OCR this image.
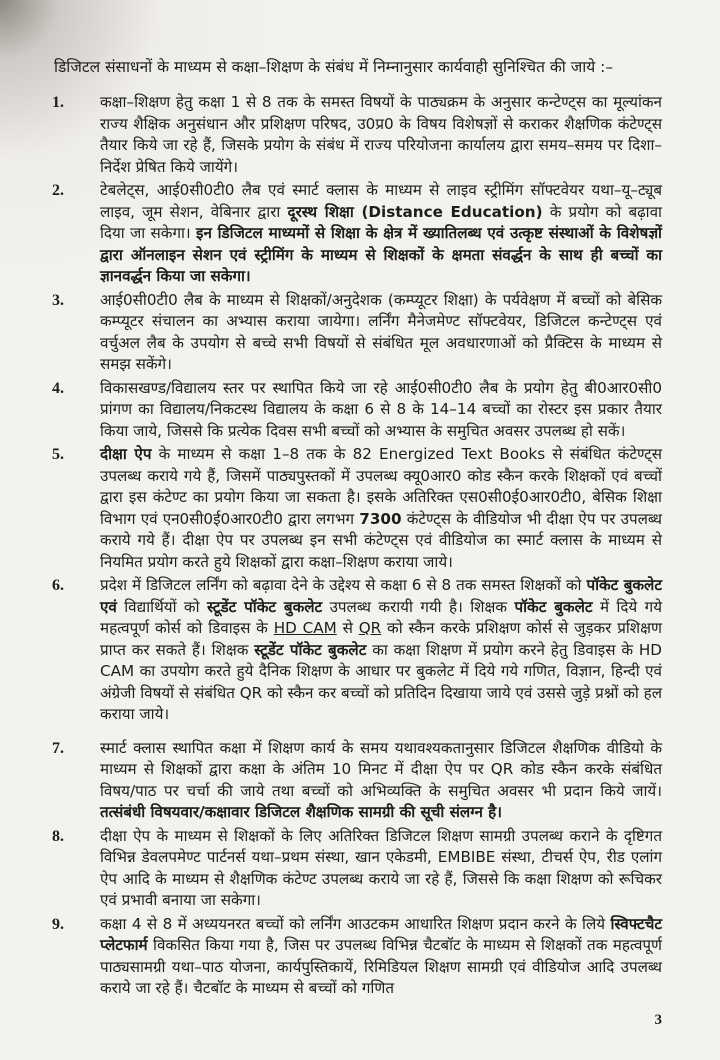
डिजिटल संसाधनों के माध्यम से कक्षा–शिक्षण के संबंध में निम्नानुसार कार्यवाही सुनिश्चित की जाये :–

1.	कक्षा–शिक्षण हेतु कक्षा 1 से 8 तक के समस्त विषयों के पाठ्यक्रम के अनुसार कन्टेण्ट्स का मूल्यांकन राज्य शैक्षिक अनुसंधान और प्रशिक्षण परिषद, उ0प्र0 के विषय विशेषज्ञों से कराकर शैक्षणिक कंटेण्ट्स तैयार किये जा रहे हैं, जिसके प्रयोग के संबंध में राज्य परियोजना कार्यालय द्वारा समय–समय पर दिशा–निर्देश प्रेषित किये जायेंगे।
2.	टेबलेट्स, आई0सी0टी0 लैब एवं स्मार्ट क्लास के माध्यम से लाइव स्ट्रीमिंग सॉफ्टवेयर यथा–यू–ट्यूब लाइव, जूम सेशन, वेबिनार द्वारा दूरस्थ शिक्षा (Distance Education) के प्रयोग को बढ़ावा दिया जा सकेगा। इन डिजिटल माध्यमों से शिक्षा के क्षेत्र में ख्यातिलब्ध एवं उत्कृष्ट संस्थाओं के विशेषज्ञों द्वारा ऑनलाइन सेशन एवं स्ट्रीमिंग के माध्यम से शिक्षकों के क्षमता संवर्द्धन के साथ ही बच्चों का ज्ञानवर्द्धन किया जा सकेगा।
3.	आई0सी0टी0 लैब के माध्यम से शिक्षकों/अनुदेशक (कम्प्यूटर शिक्षा) के पर्यवेक्षण में बच्चों को बेसिक कम्प्यूटर संचालन का अभ्यास कराया जायेगा। लर्निंग मैनेजमेण्ट सॉफ्टवेयर, डिजिटल कन्टेण्ट्स एवं वर्चुअल लैब के उपयोग से बच्चे सभी विषयों से संबंधित मूल अवधारणाओं को प्रैक्टिस के माध्यम से समझ सकेंगे।
4.	विकासखण्ड/विद्यालय स्तर पर स्थापित किये जा रहे आई0सी0टी0 लैब के प्रयोग हेतु बी0आर0सी0 प्रांगण का विद्यालय/निकटस्थ विद्यालय के कक्षा 6 से 8 के 14–14 बच्चों का रोस्टर इस प्रकार तैयार किया जाये, जिससे कि प्रत्येक दिवस सभी बच्चों को अभ्यास के समुचित अवसर उपलब्ध हो सकें।
5.	दीक्षा ऐप के माध्यम से कक्षा 1–8 तक के 82 Energized Text Books से संबंधित कंटेण्ट्स उपलब्ध कराये गये हैं, जिसमें पाठ्यपुस्तकों में उपलब्ध क्यू0आर0 कोड स्कैन करके शिक्षकों एवं बच्चों द्वारा इस कंटेण्ट का प्रयोग किया जा सकता है। इसके अतिरिक्त एस0सी0ई0आर0टी0, बेसिक शिक्षा विभाग एवं एन0सी0ई0आर0टी0 द्वारा लगभग 7300 कंटेण्ट्स के वीडियोज भी दीक्षा ऐप पर उपलब्ध कराये गये हैं। दीक्षा ऐप पर उपलब्ध इन सभी कंटेण्ट्स एवं वीडियोज का स्मार्ट क्लास के माध्यम से नियमित प्रयोग करते हुये शिक्षकों द्वारा कक्षा–शिक्षण कराया जाये।
6.	प्रदेश में डिजिटल लर्निंग को बढ़ावा देने के उद्देश्य से कक्षा 6 से 8 तक समस्त शिक्षकों को पॉकेट बुकलेट एवं विद्यार्थियों को स्टूडेंट पॉकेट बुकलेट उपलब्ध करायी गयी है। शिक्षक पॉकेट बुकलेट में दिये गये महत्वपूर्ण कोर्स को डिवाइस के HD CAM से QR को स्कैन करके प्रशिक्षण कोर्स से जुड़कर प्रशिक्षण प्राप्त कर सकते हैं। शिक्षक स्टूडेंट पॉकेट बुकलेट का कक्षा शिक्षण में प्रयोग करने हेतु डिवाइस के HD CAM का उपयोग करते हुये दैनिक शिक्षण के आधार पर बुकलेट में दिये गये गणित, विज्ञान, हिन्दी एवं अंग्रेजी विषयों से संबंधित QR को स्कैन कर बच्चों को प्रतिदिन दिखाया जाये एवं उससे जुड़े प्रश्नों को हल कराया जाये।
7.	स्मार्ट क्लास स्थापित कक्षा में शिक्षण कार्य के समय यथावश्यकतानुसार डिजिटल शैक्षणिक वीडियो के माध्यम से शिक्षकों द्वारा कक्षा के अंतिम 10 मिनट में दीक्षा ऐप पर QR कोड स्कैन करके संबंधित विषय/पाठ पर चर्चा की जाये तथा बच्चों को अभिव्यक्ति के समुचित अवसर भी प्रदान किये जायें। तत्संबंधी विषयवार/कक्षावार डिजिटल शैक्षणिक सामग्री की सूची संलग्न है।
8.	दीक्षा ऐप के माध्यम से शिक्षकों के लिए अतिरिक्त डिजिटल शिक्षण सामग्री उपलब्ध कराने के दृष्टिगत विभिन्न डेवलपमेण्ट पार्टनर्स यथा–प्रथम संस्था, खान एकेडमी, EMBIBE संस्था, टीचर्स ऐप, रीड एलांग ऐप आदि के माध्यम से शैक्षणिक कंटेण्ट उपलब्ध कराये जा रहे हैं, जिससे कि कक्षा शिक्षण को रूचिकर एवं प्रभावी बनाया जा सकेगा।
9.	कक्षा 4 से 8 में अध्ययनरत बच्चों को लर्निंग आउटकम आधारित शिक्षण प्रदान करने के लिये स्विफ्टचैट प्लेटफार्म विकसित किया गया है, जिस पर उपलब्ध विभिन्न चैटबॉट के माध्यम से शिक्षकों तक महत्वपूर्ण पाठ्यसामग्री यथा–पाठ योजना, कार्यपुस्तिकायें, रिमिडियल शिक्षण सामग्री एवं वीडियोज आदि उपलब्ध कराये जा रहे हैं। चैटबॉट के माध्यम से बच्चों को गणित
3
